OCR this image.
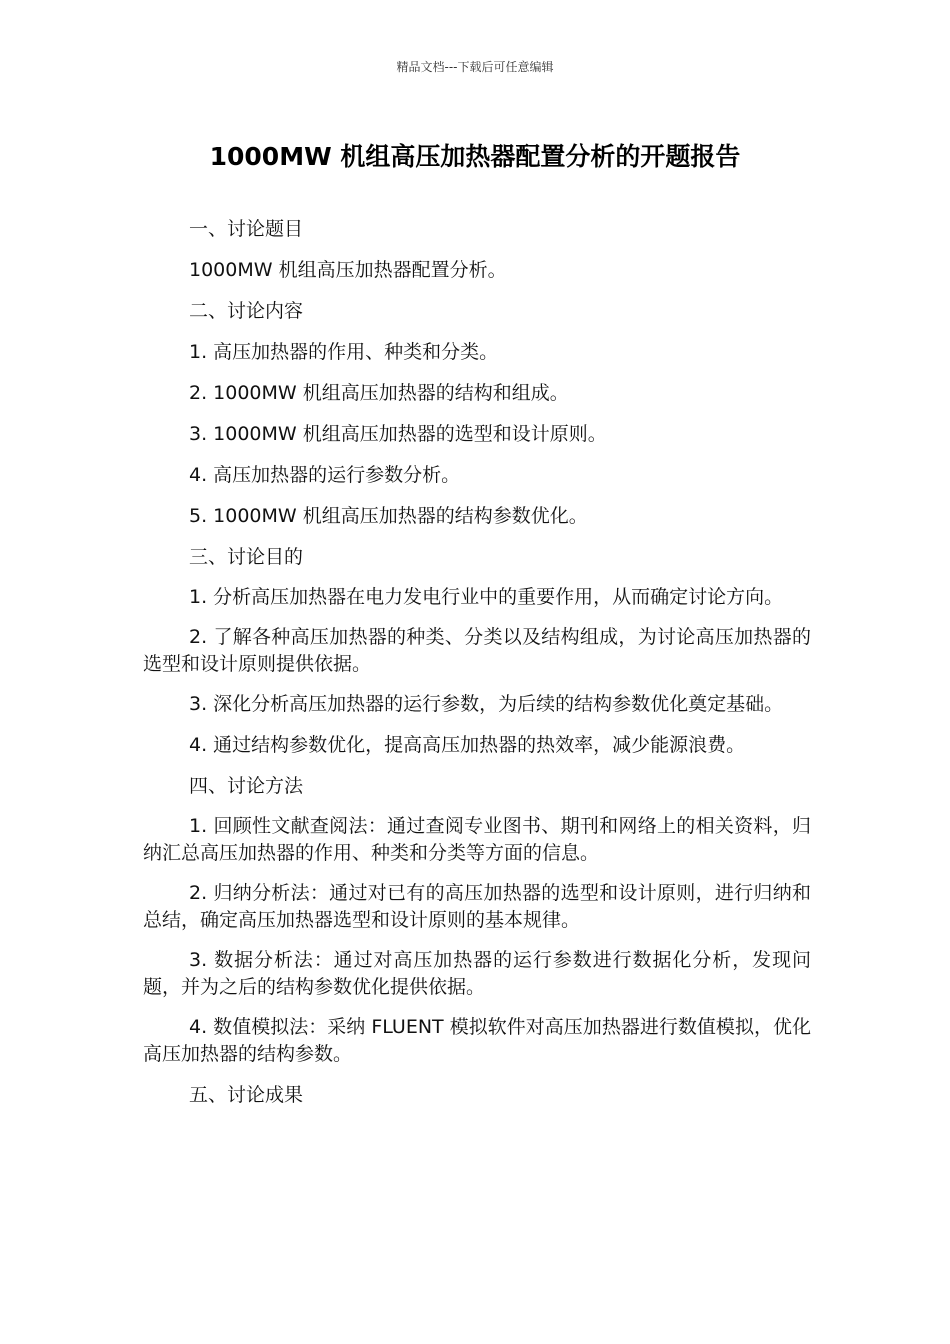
精品文档---下载后可任意编辑
1000MW 机组高压加热器配置分析的开题报告

一、讨论题目

1000MW 机组高压加热器配置分析。

二、讨论内容

1. 高压加热器的作用、种类和分类。

2. 1000MW 机组高压加热器的结构和组成。

3. 1000MW 机组高压加热器的选型和设计原则。

4. 高压加热器的运行参数分析。

5. 1000MW 机组高压加热器的结构参数优化。

三、讨论目的

1. 分析高压加热器在电力发电行业中的重要作用，从而确定讨论方向。

2. 了解各种高压加热器的种类、分类以及结构组成，为讨论高压加热器的选型和设计原则提供依据。

3. 深化分析高压加热器的运行参数，为后续的结构参数优化奠定基础。

4. 通过结构参数优化，提高高压加热器的热效率，减少能源浪费。

四、讨论方法

1. 回顾性文献查阅法：通过查阅专业图书、期刊和网络上的相关资料，归纳汇总高压加热器的作用、种类和分类等方面的信息。

2. 归纳分析法：通过对已有的高压加热器的选型和设计原则，进行归纳和总结，确定高压加热器选型和设计原则的基本规律。

3. 数据分析法：通过对高压加热器的运行参数进行数据化分析，发现问题，并为之后的结构参数优化提供依据。

4. 数值模拟法：采纳 FLUENT 模拟软件对高压加热器进行数值模拟，优化高压加热器的结构参数。

五、讨论成果
